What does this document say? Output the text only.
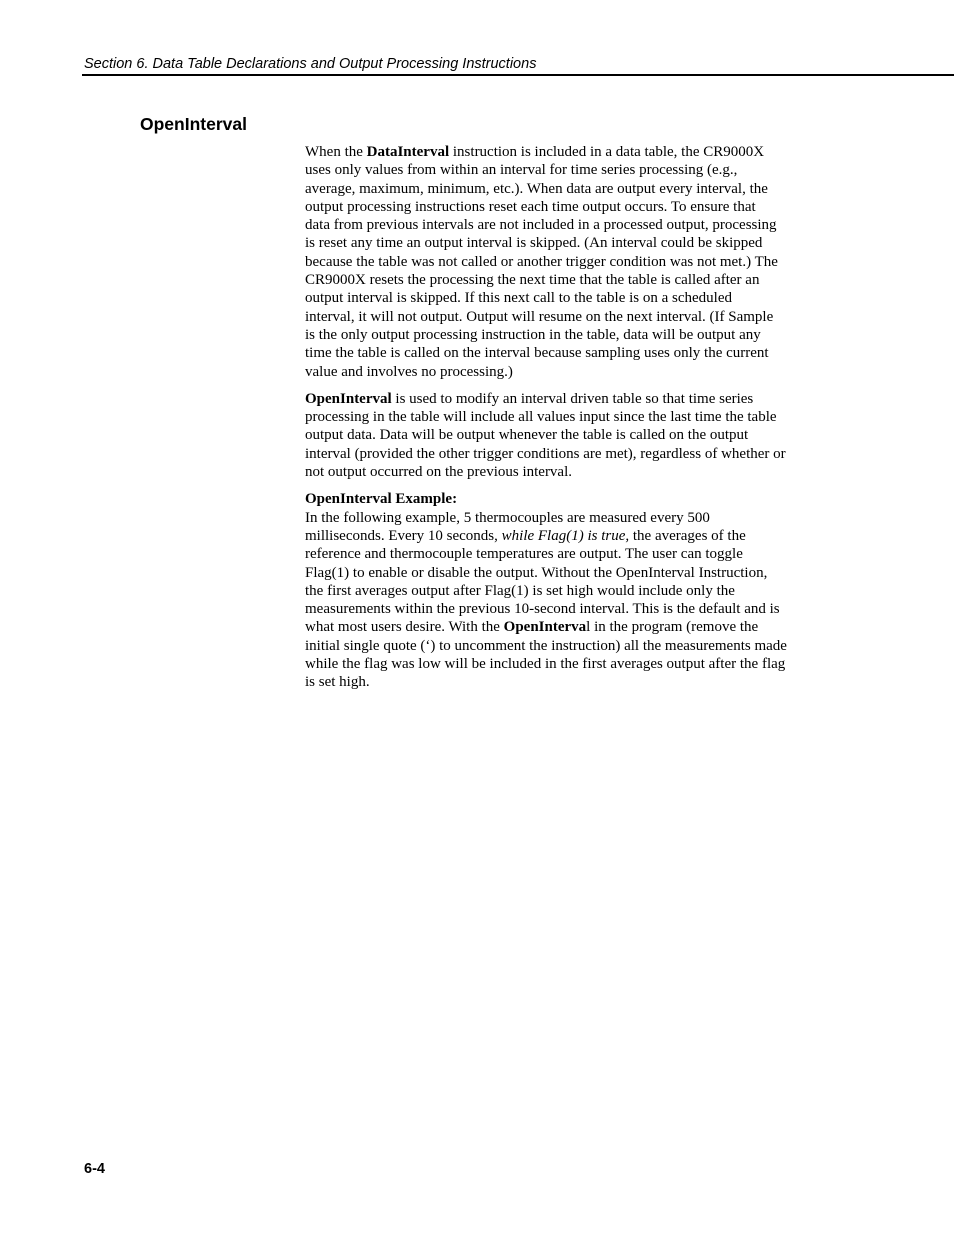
Section 6. Data Table Declarations and Output Processing Instructions
OpenInterval

When the DataInterval instruction is included in a data table, the CR9000X

uses only values from within an interval for time series processing (e.g.,

average, maximum, minimum, etc.). When data are output every interval, the

output processing instructions reset each time output occurs. To ensure that

data from previous intervals are not included in a processed output, processing

is reset any time an output interval is skipped. (An interval could be skipped

because the table was not called or another trigger condition was not met.) The

CR9000X resets the processing the next time that the table is called after an

output interval is skipped. If this next call to the table is on a scheduled

interval, it will not output. Output will resume on the next interval. (If Sample

is the only output processing instruction in the table, data will be output any

time the table is called on the interval because sampling uses only the current

value and involves no processing.)

OpenInterval is used to modify an interval driven table so that time series

processing in the table will include all values input since the last time the table

output data. Data will be output whenever the table is called on the output

interval (provided the other trigger conditions are met), regardless of whether or

not output occurred on the previous interval.

OpenInterval Example:

In the following example, 5 thermocouples are measured every 500

milliseconds. Every 10 seconds, while Flag(1) is true, the averages of the

reference and thermocouple temperatures are output. The user can toggle

Flag(1) to enable or disable the output. Without the OpenInterval Instruction,

the first averages output after Flag(1) is set high would include only the

measurements within the previous 10-second interval. This is the default and is

what most users desire. With the OpenInterval in the program (remove the

initial single quote (‘) to uncomment the instruction) all the measurements made

while the flag was low will be included in the first averages output after the flag

is set high.

6-4
